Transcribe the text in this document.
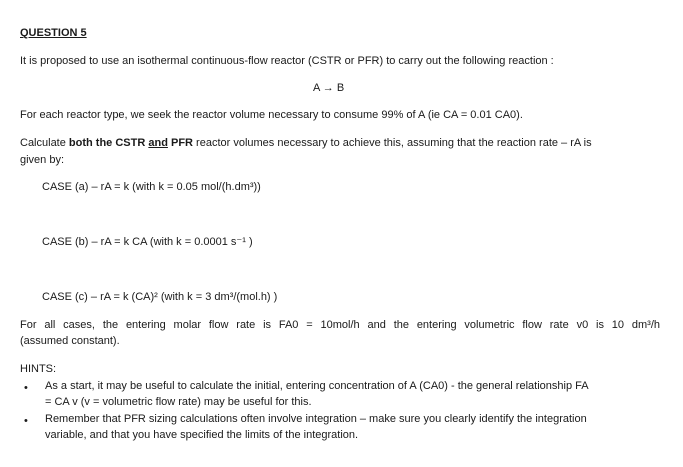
QUESTION 5
It is proposed to use an isothermal continuous-flow reactor (CSTR or PFR) to carry out the following reaction :
A → B
For each reactor type, we seek the reactor volume necessary to consume 99% of A (ie CA = 0.01 CA0).
Calculate both the CSTR and PFR reactor volumes necessary to achieve this, assuming that the reaction rate – rA is
given by:
CASE (a) – rA = k (with k = 0.05 mol/(h.dm³))
CASE (b) – rA = k CA (with k = 0.0001 s⁻¹ )
CASE (c) – rA = k (CA)² (with k = 3 dm³/(mol.h) )
For all cases, the entering molar flow rate is FA0 = 10mol/h and the entering volumetric flow rate v0 is 10 dm³/h
(assumed constant).
HINTS:
• As a start, it may be useful to calculate the initial, entering concentration of A (CA0) - the general relationship FA
= CA v (v = volumetric flow rate) may be useful for this.
• Remember that PFR sizing calculations often involve integration – make sure you clearly identify the integration
variable, and that you have specified the limits of the integration.
